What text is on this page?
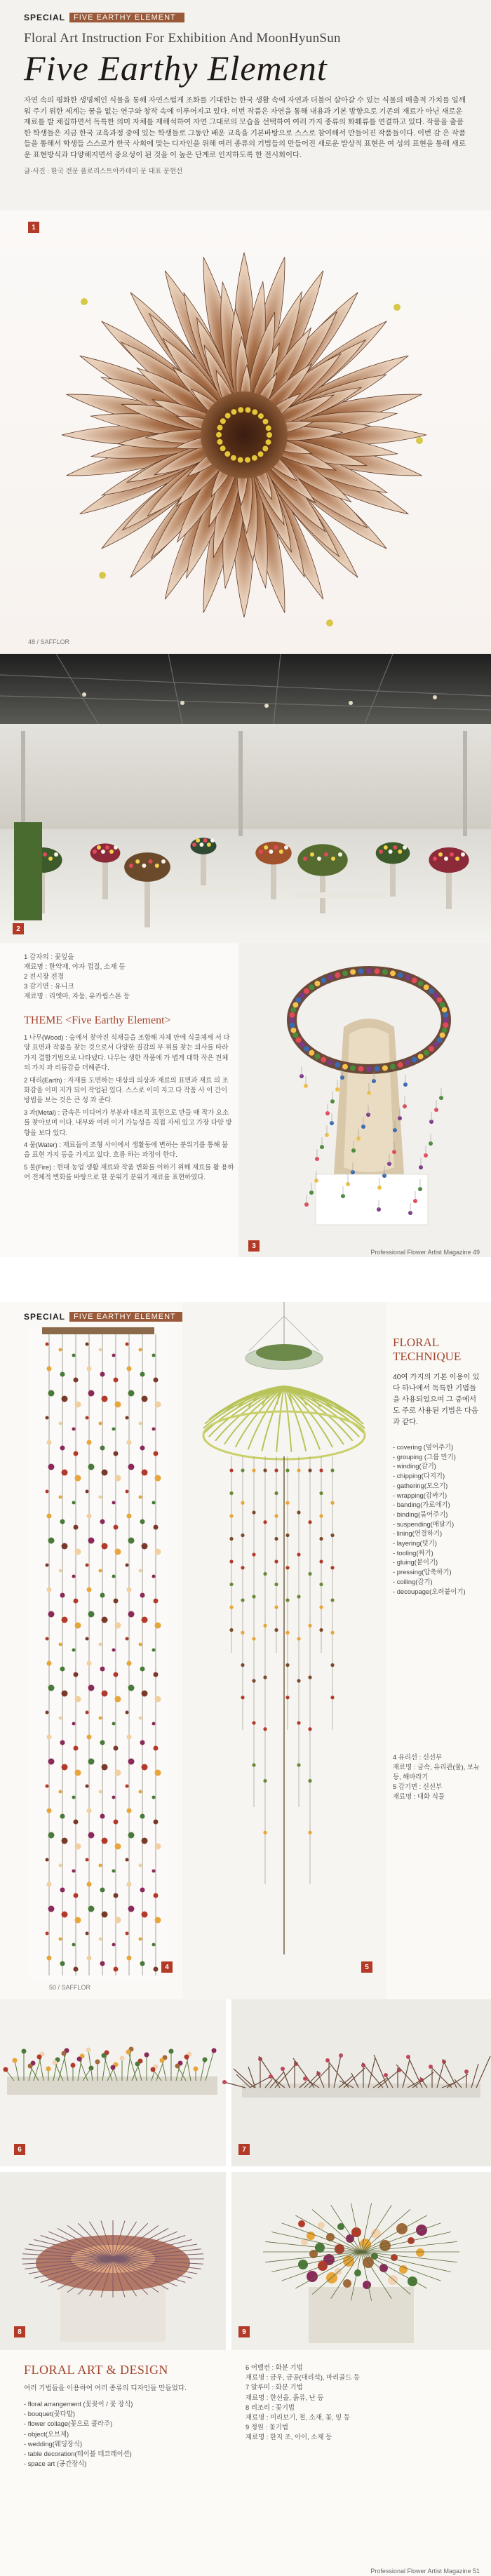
SPECIAL	FIVE EARTHY ELEMENT
Floral Art Instruction For Exhibition And MoonHyunSun
Five Earthy Element

자연 속의 평화한 생명체인 식물을 통해 자연스럽게 조화를 기대한는 한국 생활 속에 자연과 더불어 살아갈 수 있는 식물의 매출적 가치를 일깨워 주기 위한 세계는 꿈을 없는 연구와 창작 속에 이루어지고 있다. 이번 작품은 자연을 통해 내용과 기본 방향으로 기존의 재료가 아닌 새로운 재료를 발 채집하면서 독특한 의미 자체를 재해석하여 자연 그대로의 모습을 선택하여 여러 가지 종류의 화훼류를 연결하고 있다. 작품을 출품 한 학생들은 지금 한국 교육과정 중에 있는 학생들로 그동안 배운 교육을 기본바탕으로 스스로 참여해서 만들어진 작품들이다. 이번 감 은 작품들을 통해서 학생들 스스로가 한국 사회에 맞는 디자인을 위해 여러 종류의 기법들의 만들어진 새로운 발상적 표현은 여 성의 표현을 통해 새로운 표현방식과 다양해지면서 중요성이 된 것을 이 높은 단계로 인지하도록 한 전시회이다.

글·사진 : 한국 전문 플로리스트아카데미 문 대표 문현선

1
48 / SAFFLOR
2
1 감자의 : 꽃잎을
재료명 : 한약재, 야자 껍질, 소재 등
2 전시장 전경
3 감기면 : 유니크
재료명 : 리엣마, 자둠, 유카립스톤 등
THEME <Five Earthy Element>
1 나무(Wood) : 숲에서 찾아진 식재들을 조합해 자체 안에 식물체세 서 다양 표면과 작품을 찾는 것으로서 다양한 질감의 부 위를 찾는 의사를 따라 가지 결합기법으로 나타냈다. 나무는 생한 작품에 가 볍게 대학 작은 전체의 가치 과 리듬감을 더해준다.
2 대리(Earth) : 자재를 도면하는 대상의 의상과 재료의 표면과 재료 의 조화감을 이미 지가 되어 작업된 있다. 스스로 이미 지고 다 작품 사 이 간이 방법을 보는 것은 큰 성 과 준다.
3 과(Metal) : 금속은 미디어가 부분과 대조적 표현으로 만들 때 작가 요소를 찾아보며 이다. 내부와 여러 이기 가능성을 직접 자세 있고 가장 다양 방향을 보다 있다.
4 물(Water) : 재료들이 조형 사이에서 생활동에 변하는 분위기를 통해 물 을 표현 가지 등을 가지고 있다. 흐름 하는 과정이 한다.
5 불(Fire) : 현대 농업 생활 재료와 작품 변화를 이하기 위해 재료를 활 용하여 전체적 변화를 바탕으로 한 분위기 분위기 재료를 표현하였다.
3
Professional Flower Artist Magazine 49
SPECIAL	FIVE EARTHY ELEMENT
4	5
50 / SAFFLOR
FLORAL
TECHNIQUE

40여 가지의 기본 이용이 있다 하나에서 독특한 기법들을 사용되었으며 그 중에서도 주로 사용된 기법은 다음과 같다.

- covering (덮어주기)
- grouping (그룹 만기)
- winding(감기)
- chipping(다지기)
- gathering(모으기)
- wrapping(감싸기)
- banding(가로에기)
- binding(묶어주기)
- suspending(매달기)
- lining(연결하기)
- layering(덧기)
- tooling(짜기)
- gluing(붙이기)
- pressing(압축하기)
- coiling(감기)
- decoupage(오려붙이기)
4 유리선 : 신선부
재료명 : 금속, 유리관(물), 보뉴 등, 해바라기
5 감기면 : 신선부
재료명 : 대화 식물
6	7
8	9
FLORAL ART & DESIGN

여러 기법들을 이용하여 여러 종류의 디자인들 만들었다.

- floral arrangement (꽃꽂이 / 꽃 장식)
- bouquet(꽃다발)
- flower collage(꽃으로 콜라주)
- object(오브제)
- wedding(웨딩장식)
- table decoration(테이블 데코레이션)
- space art (공간장식)
6 어벨컨 : 화분 기법
재료명 : 금우, 금공(대리석), 마리골드 등
7 알루미 : 화분 기법
재료명 : 한선을, 흙류, 난 등
8 리조리 : 꽃기법
재료명 : 미리보기, 철, 소재, 꽃, 잎 등
9 정원 : 꽃기법
재료명 : 한지 조, 아이, 소재 등
Professional Flower Artist Magazine 51
